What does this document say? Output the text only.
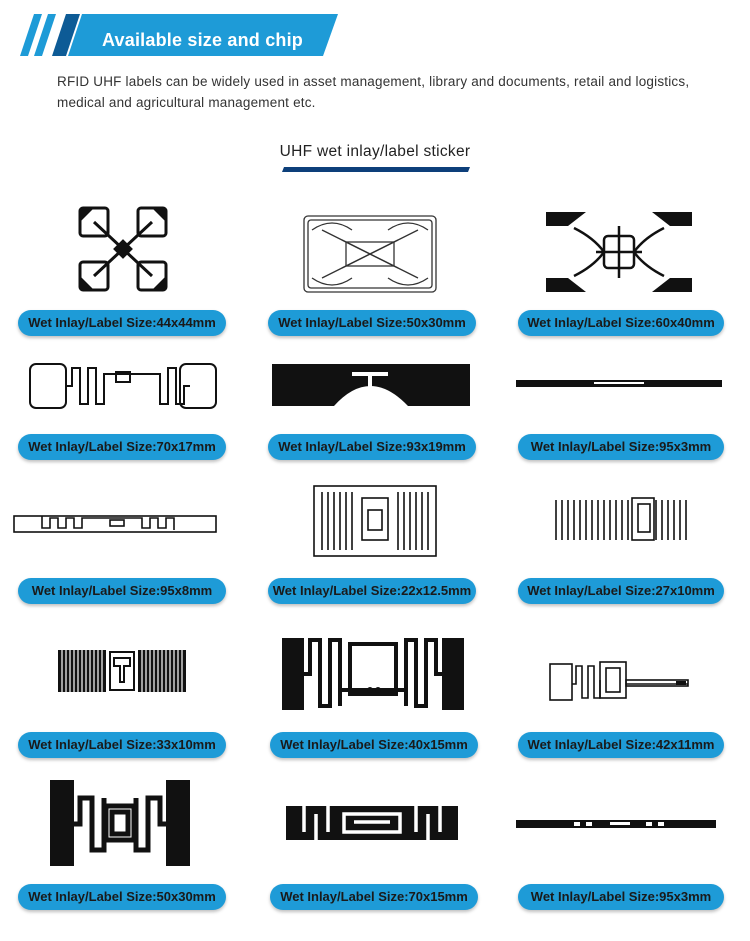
Available size and chip
RFID UHF labels can be widely used in asset management, library and documents, retail and logistics, medical and agricultural management etc.
UHF wet inlay/label sticker
Wet Inlay/Label Size:44x44mm	Wet Inlay/Label Size:50x30mm	Wet Inlay/Label Size:60x40mm
Wet Inlay/Label Size:70x17mm	Wet Inlay/Label Size:93x19mm	Wet Inlay/Label Size:95x3mm
Wet Inlay/Label Size:95x8mm	Wet Inlay/Label Size:22x12.5mm	Wet Inlay/Label Size:27x10mm
Wet Inlay/Label Size:33x10mm	Wet Inlay/Label Size:40x15mm	Wet Inlay/Label Size:42x11mm
Wet Inlay/Label Size:50x30mm	Wet Inlay/Label Size:70x15mm	Wet Inlay/Label Size:95x3mm
